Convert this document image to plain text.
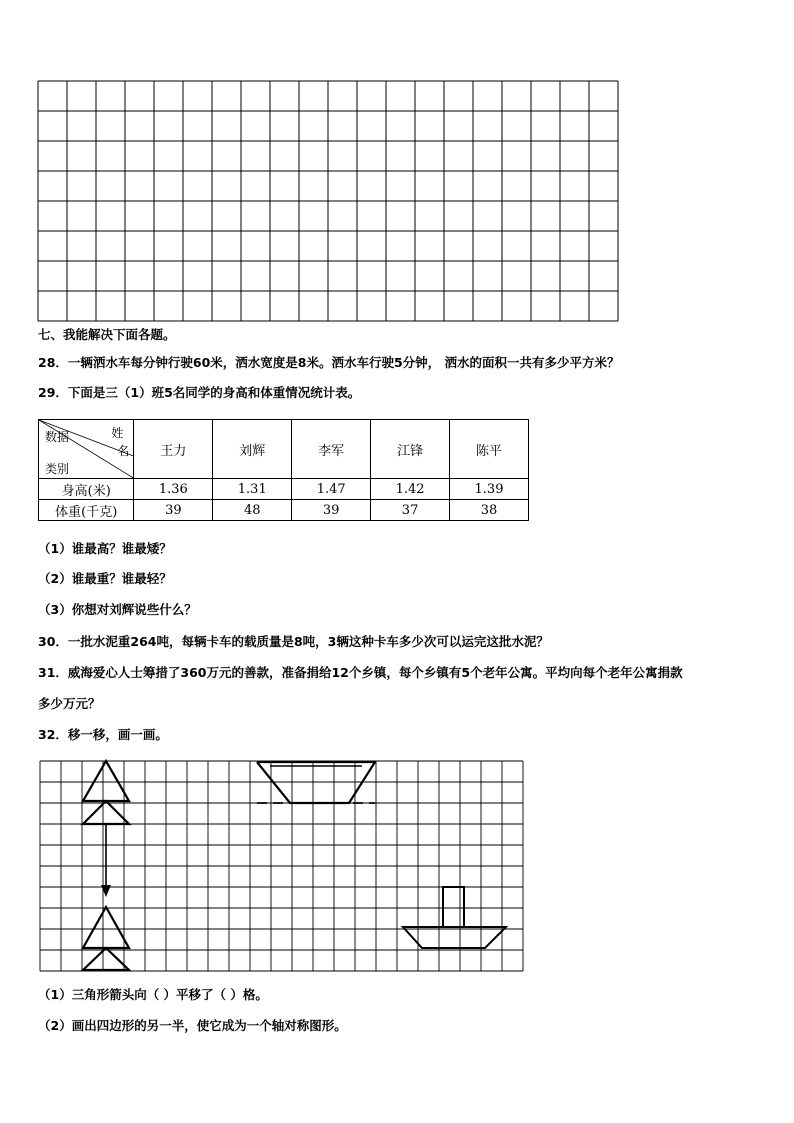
七、我能解决下面各题。
28．一辆洒水车每分钟行驶60米，洒水宽度是8米。洒水车行驶5分钟， 洒水的面积一共有多少平方米？
29．下面是三（1）班5名同学的身高和体重情况统计表。
姓
名
数据
类别	王力	刘辉	李军	江锋	陈平
身高(米)	1.36	1.31	1.47	1.42	1.39
体重(千克)	39	48	39	37	38
（1）谁最高？谁最矮？
（2）谁最重？谁最轻？
（3）你想对刘辉说些什么？
30．一批水泥重264吨，每辆卡车的载质量是8吨，3辆这种卡车多少次可以运完这批水泥？
31．威海爱心人士筹措了360万元的善款，准备捐给12个乡镇，每个乡镇有5个老年公寓。平均向每个老年公寓捐款
多少万元？
32．移一移，画一画。
（1）三角形箭头向（ ）平移了（ ）格。
（2）画出四边形的另一半，使它成为一个轴对称图形。
